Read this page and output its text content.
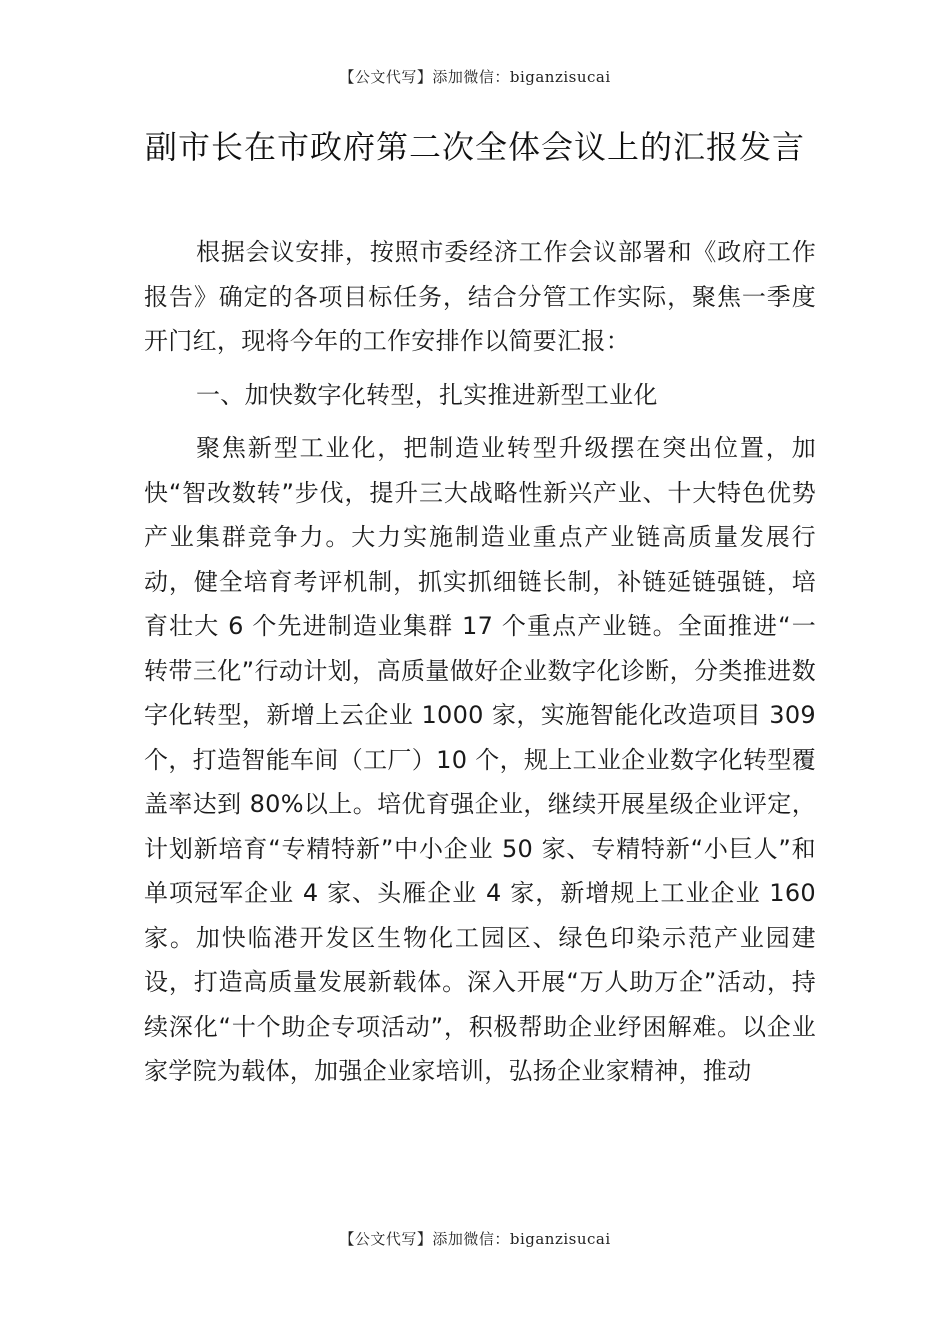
【公文代写】添加微信：biganzisucai
副市长在市政府第二次全体会议上的汇报发言

根据会议安排，按照市委经济工作会议部署和《政府工作报告》确定的各项目标任务，结合分管工作实际，聚焦一季度开门红，现将今年的工作安排作以简要汇报：

一、加快数字化转型，扎实推进新型工业化

聚焦新型工业化，把制造业转型升级摆在突出位置，加快“智改数转”步伐，提升三大战略性新兴产业、十大特色优势产业集群竞争力。大力实施制造业重点产业链高质量发展行动，健全培育考评机制，抓实抓细链长制，补链延链强链，培育壮大 6 个先进制造业集群 17 个重点产业链。全面推进“一转带三化”行动计划，高质量做好企业数字化诊断，分类推进数字化转型，新增上云企业 1000 家，实施智能化改造项目 309 个，打造智能车间（工厂）10 个，规上工业企业数字化转型覆盖率达到 80%以上。培优育强企业，继续开展星级企业评定，计划新培育“专精特新”中小企业 50 家、专精特新“小巨人”和单项冠军企业 4 家、头雁企业 4 家，新增规上工业企业 160 家。加快临港开发区生物化工园区、绿色印染示范产业园建设，打造高质量发展新载体。深入开展“万人助万企”活动，持续深化“十个助企专项活动”，积极帮助企业纾困解难。以企业家学院为载体，加强企业家培训，弘扬企业家精神，推动

【公文代写】添加微信：biganzisucai
